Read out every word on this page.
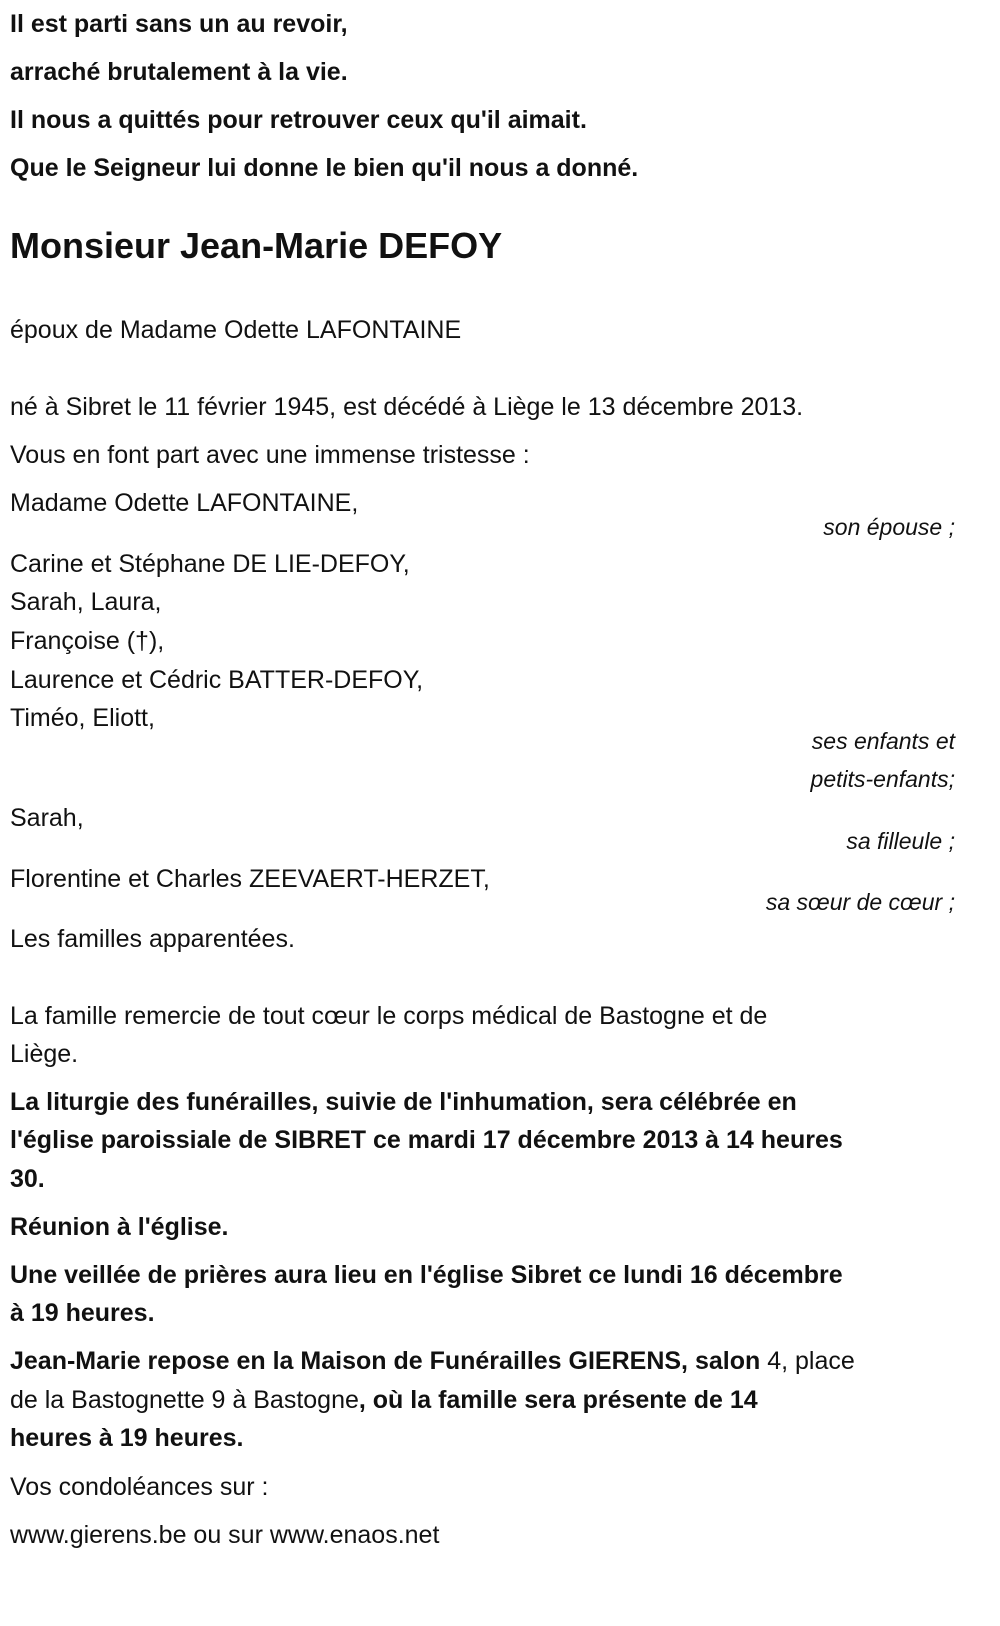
Il est parti sans un au revoir,
arraché brutalement à la vie.
Il nous a quittés pour retrouver ceux qu'il aimait.
Que le Seigneur lui donne le bien qu'il nous a donné.
Monsieur Jean-Marie DEFOY
époux de Madame Odette LAFONTAINE
né à Sibret le 11 février 1945, est décédé à Liège le 13 décembre 2013.
Vous en font part avec une immense tristesse :
Madame Odette LAFONTAINE,
son épouse ;
Carine et Stéphane DE LIE-DEFOY,
Sarah, Laura,
Françoise (†),
Laurence et Cédric BATTER-DEFOY,
Timéo, Eliott,
ses enfants et
petits-enfants;
Sarah,
sa filleule ;
Florentine et Charles ZEEVAERT-HERZET,
sa sœur de cœur ;
Les familles apparentées.
La famille remercie de tout cœur le corps médical de Bastogne et de
Liège.
La liturgie des funérailles, suivie de l'inhumation, sera célébrée en
l'église paroissiale de SIBRET ce mardi 17 décembre 2013 à 14 heures
30.
Réunion à l'église.
Une veillée de prières aura lieu en l'église Sibret ce lundi 16 décembre
à 19 heures.
Jean-Marie repose en la Maison de Funérailles GIERENS, salon 4, place
de la Bastognette 9 à Bastogne, où la famille sera présente de 14
heures à 19 heures.
Vos condoléances sur :
www.gierens.be ou sur www.enaos.net
